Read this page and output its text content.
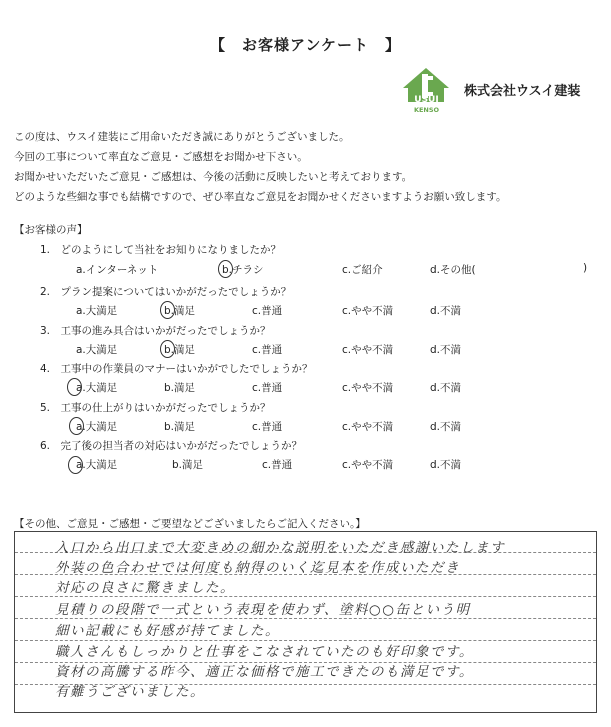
【　お客様アンケート　】
USUI
KENSO
株式会社ウスイ建装
この度は、ウスイ建装にご用命いただき誠にありがとうございました。
今回の工事について率直なご意見・ご感想をお聞かせ下さい。
お聞かせいただいたご意見・ご感想は、今後の活動に反映したいと考えております。
どのような些細な事でも結構ですので、ぜひ率直なご意見をお聞かせくださいますようお願い致します。
【お客様の声】
1.　どのようにして当社をお知りになりましたか？
a.インターネット	b.チラシ	c.ご紹介	d.その他(	)
2.　プラン提案についてはいかがだったでしょうか？
a.大満足	b.満足	c.普通	c.やや不満	d.不満
3.　工事の進み具合はいかがだったでしょうか？
a.大満足	b.満足	c.普通	c.やや不満	d.不満
4.　工事中の作業員のマナーはいかがでしたでしょうか？
a.大満足	b.満足	c.普通	c.やや不満	d.不満
5.　工事の仕上がりはいかがだったでしょうか？
a.大満足	b.満足	c.普通	c.やや不満	d.不満
6.　完了後の担当者の対応はいかがだったでしょうか？
a.大満足	b.満足	c.普通	c.やや不満	d.不満
【その他、ご意見・ご感想・ご要望などございましたらご記入ください。】
入口から出口まで大変きめの細かな説明をいただき感謝いたします
外装の色合わせでは何度も納得のいく迄見本を作成いただき
対応の良さに驚きました。
見積りの段階で一式という表現を使わず、塗料○○缶という明
細い記載にも好感が持てました。
職人さんもしっかりと仕事をこなされていたのも好印象です。
資材の高騰する昨今、適正な価格で施工できたのも満足です。
有難うございました。
